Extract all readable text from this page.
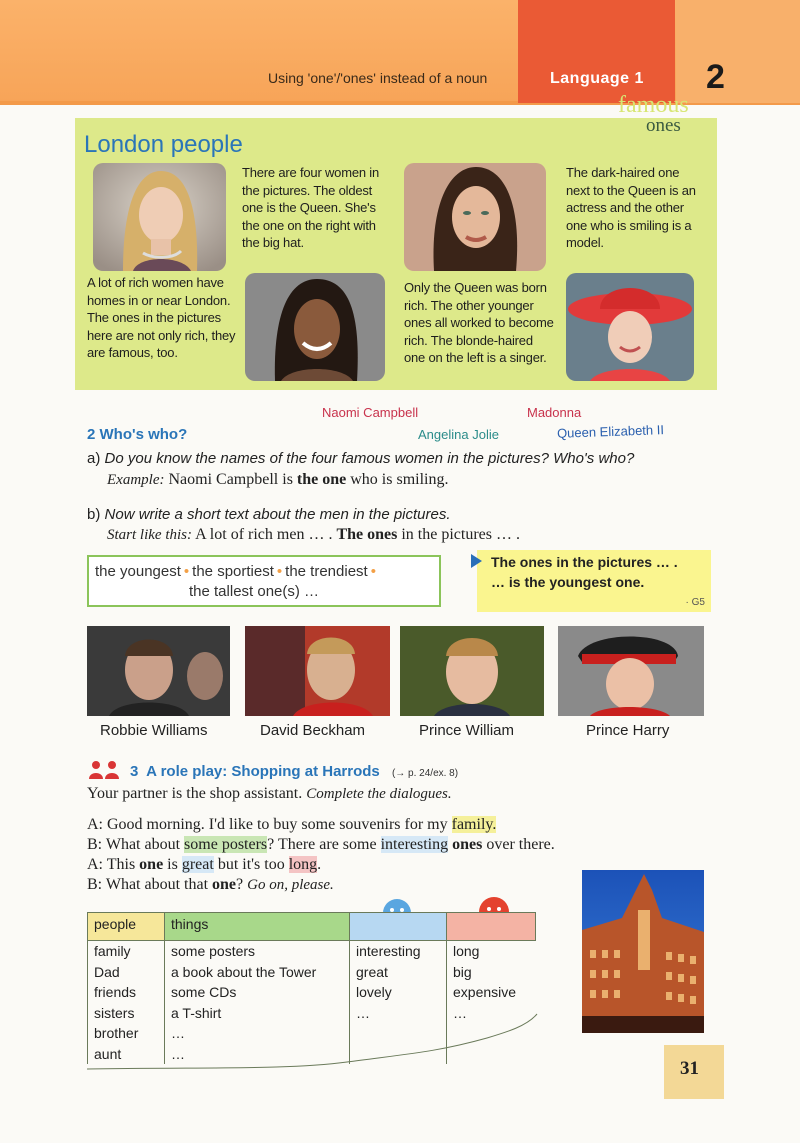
Using 'one'/'ones' instead of a noun	Language 1 2
famous
ones
London people
A lot of rich women have homes in or near London. The ones in the pictures here are not only rich, they are famous, too.
There are four women in the pictures. The oldest one is the Queen. She's the one on the right with the big hat.
Only the Queen was born rich. The other younger ones all worked to become rich. The blonde-haired one on the left is a singer.
The dark-haired one next to the Queen is an actress and the other one who is smiling is a model.
2 Who's who?
Naomi Campbell	Madonna
Angelina Jolie	Queen Elizabeth II
a) Do you know the names of the four famous women in the pictures? Who's who?
Example: Naomi Campbell is the one who is smiling.
b) Now write a short text about the men in the pictures.
Start like this: A lot of rich men … . The ones in the pictures … .
the youngest • the sportiest • the trendiest •
the tallest one(s) …
The ones in the pictures … .
… is the youngest one.
· G5
Robbie Williams	David Beckham	Prince William	Prince Harry
3 A role play: Shopping at Harrods (→ p. 24/ex. 8)
Your partner is the shop assistant. Complete the dialogues.
A: Good morning. I'd like to buy some souvenirs for my family.
B: What about some posters? There are some interesting ones over there.
A: This one is great but it's too long.
B: What about that one? Go on, please.
people	things		
family	some posters	interesting	long
Dad	a book about the Tower	great	big
friends	some CDs	lovely	expensive
sisters	a T-shirt	…	…
brother	…		
aunt	…		
31
